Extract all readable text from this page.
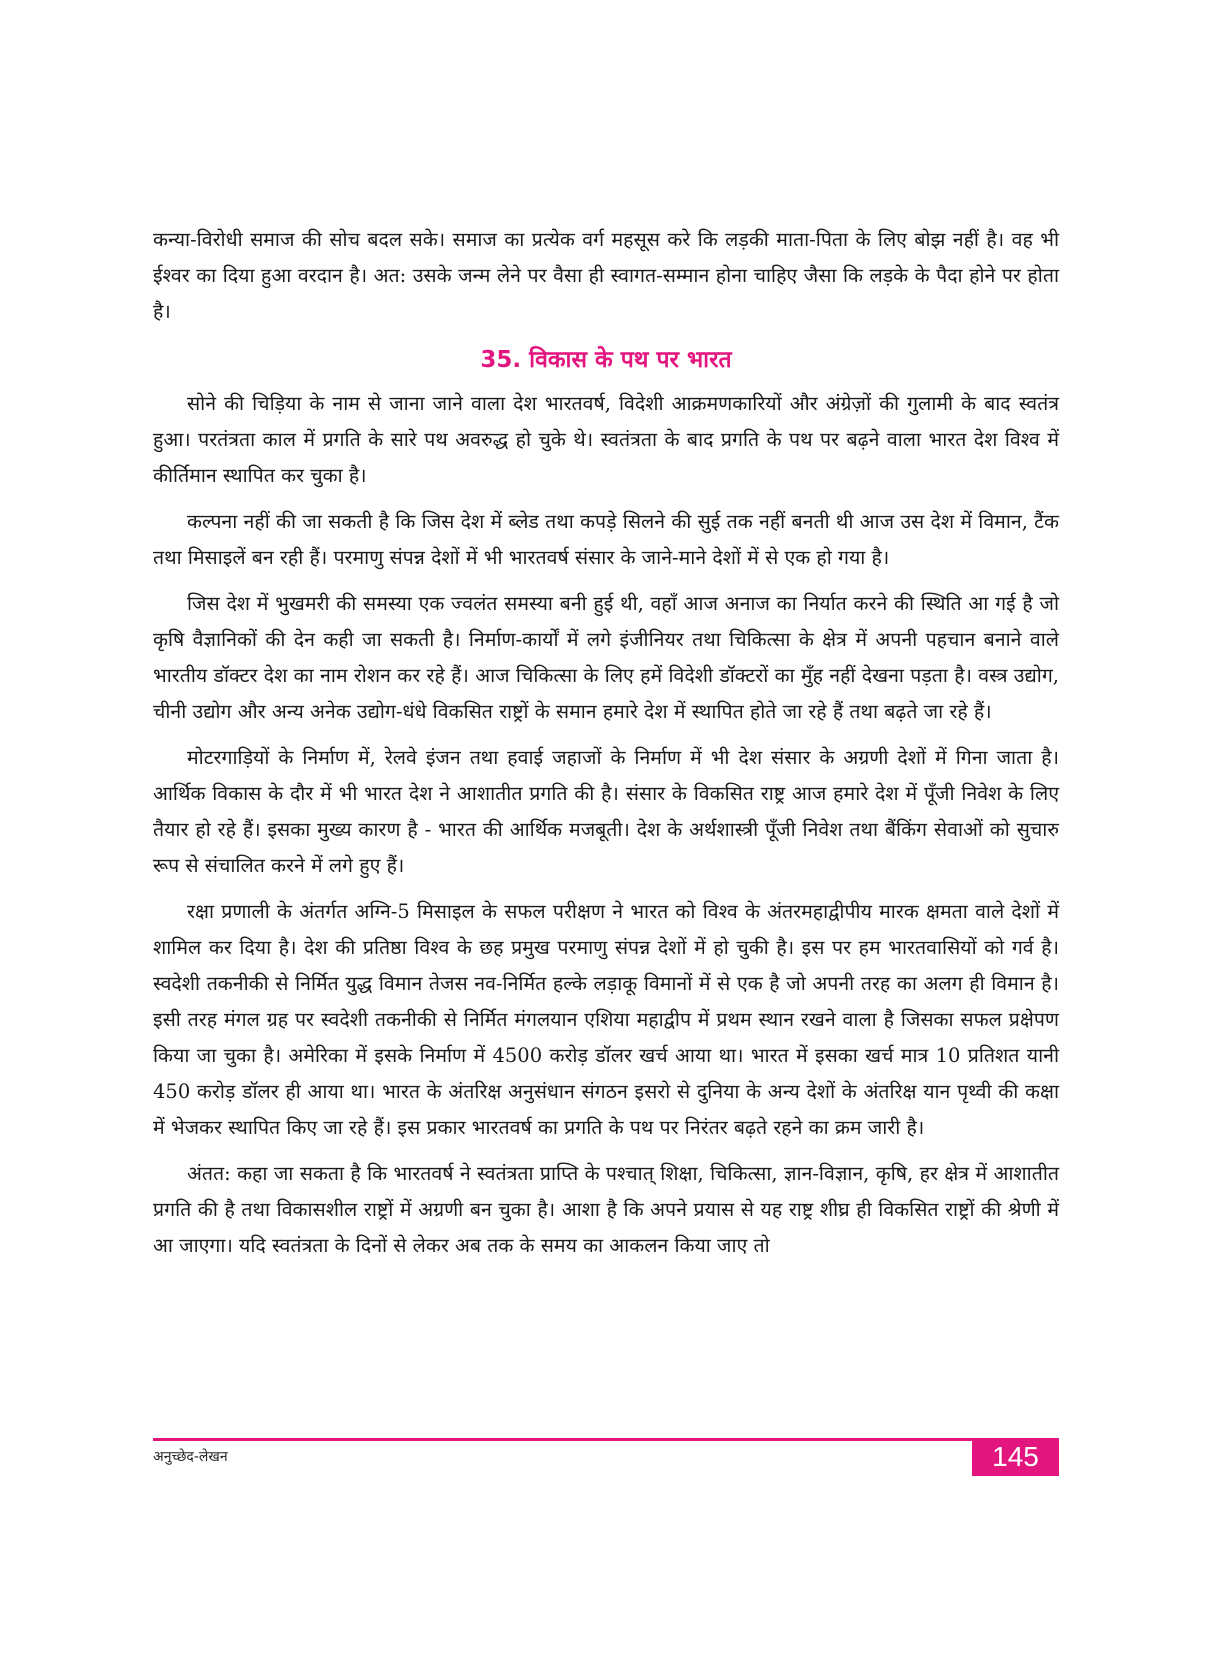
कन्या-विरोधी समाज की सोच बदल सके। समाज का प्रत्येक वर्ग महसूस करे कि लड़की माता-पिता के लिए बोझ नहीं है। वह भी ईश्वर का दिया हुआ वरदान है। अत: उसके जन्म लेने पर वैसा ही स्वागत-सम्मान होना चाहिए जैसा कि लड़के के पैदा होने पर होता है।

35. विकास के पथ पर भारत

सोने की चिड़िया के नाम से जाना जाने वाला देश भारतवर्ष, विदेशी आक्रमणकारियों और अंग्रेज़ों की गुलामी के बाद स्वतंत्र हुआ। परतंत्रता काल में प्रगति के सारे पथ अवरुद्ध हो चुके थे। स्वतंत्रता के बाद प्रगति के पथ पर बढ़ने वाला भारत देश विश्व में कीर्तिमान स्थापित कर चुका है।

कल्पना नहीं की जा सकती है कि जिस देश में ब्लेड तथा कपड़े सिलने की सुई तक नहीं बनती थी आज उस देश में विमान, टैंक तथा मिसाइलें बन रही हैं। परमाणु संपन्न देशों में भी भारतवर्ष संसार के जाने-माने देशों में से एक हो गया है।

जिस देश में भुखमरी की समस्या एक ज्वलंत समस्या बनी हुई थी, वहाँ आज अनाज का निर्यात करने की स्थिति आ गई है जो कृषि वैज्ञानिकों की देन कही जा सकती है। निर्माण-कार्यों में लगे इंजीनियर तथा चिकित्सा के क्षेत्र में अपनी पहचान बनाने वाले भारतीय डॉक्टर देश का नाम रोशन कर रहे हैं। आज चिकित्सा के लिए हमें विदेशी डॉक्टरों का मुँह नहीं देखना पड़ता है। वस्त्र उद्योग, चीनी उद्योग और अन्य अनेक उद्योग-धंधे विकसित राष्ट्रों के समान हमारे देश में स्थापित होते जा रहे हैं तथा बढ़ते जा रहे हैं।

मोटरगाड़ियों के निर्माण में, रेलवे इंजन तथा हवाई जहाजों के निर्माण में भी देश संसार के अग्रणी देशों में गिना जाता है। आर्थिक विकास के दौर में भी भारत देश ने आशातीत प्रगति की है। संसार के विकसित राष्ट्र आज हमारे देश में पूँजी निवेश के लिए तैयार हो रहे हैं। इसका मुख्य कारण है - भारत की आर्थिक मजबूती। देश के अर्थशास्त्री पूँजी निवेश तथा बैंकिंग सेवाओं को सुचारु रूप से संचालित करने में लगे हुए हैं।

रक्षा प्रणाली के अंतर्गत अग्नि-5 मिसाइल के सफल परीक्षण ने भारत को विश्व के अंतरमहाद्वीपीय मारक क्षमता वाले देशों में शामिल कर दिया है। देश की प्रतिष्ठा विश्व के छह प्रमुख परमाणु संपन्न देशों में हो चुकी है। इस पर हम भारतवासियों को गर्व है। स्वदेशी तकनीकी से निर्मित युद्ध विमान तेजस नव-निर्मित हल्के लड़ाकू विमानों में से एक है जो अपनी तरह का अलग ही विमान है। इसी तरह मंगल ग्रह पर स्वदेशी तकनीकी से निर्मित मंगलयान एशिया महाद्वीप में प्रथम स्थान रखने वाला है जिसका सफल प्रक्षेपण किया जा चुका है। अमेरिका में इसके निर्माण में 4500 करोड़ डॉलर खर्च आया था। भारत में इसका खर्च मात्र 10 प्रतिशत यानी 450 करोड़ डॉलर ही आया था। भारत के अंतरिक्ष अनुसंधान संगठन इसरो से दुनिया के अन्य देशों के अंतरिक्ष यान पृथ्वी की कक्षा में भेजकर स्थापित किए जा रहे हैं। इस प्रकार भारतवर्ष का प्रगति के पथ पर निरंतर बढ़ते रहने का क्रम जारी है।

अंतत: कहा जा सकता है कि भारतवर्ष ने स्वतंत्रता प्राप्ति के पश्चात् शिक्षा, चिकित्सा, ज्ञान-विज्ञान, कृषि, हर क्षेत्र में आशातीत प्रगति की है तथा विकासशील राष्ट्रों में अग्रणी बन चुका है। आशा है कि अपने प्रयास से यह राष्ट्र शीघ्र ही विकसित राष्ट्रों की श्रेणी में आ जाएगा। यदि स्वतंत्रता के दिनों से लेकर अब तक के समय का आकलन किया जाए तो

अनुच्छेद-लेखन	145
